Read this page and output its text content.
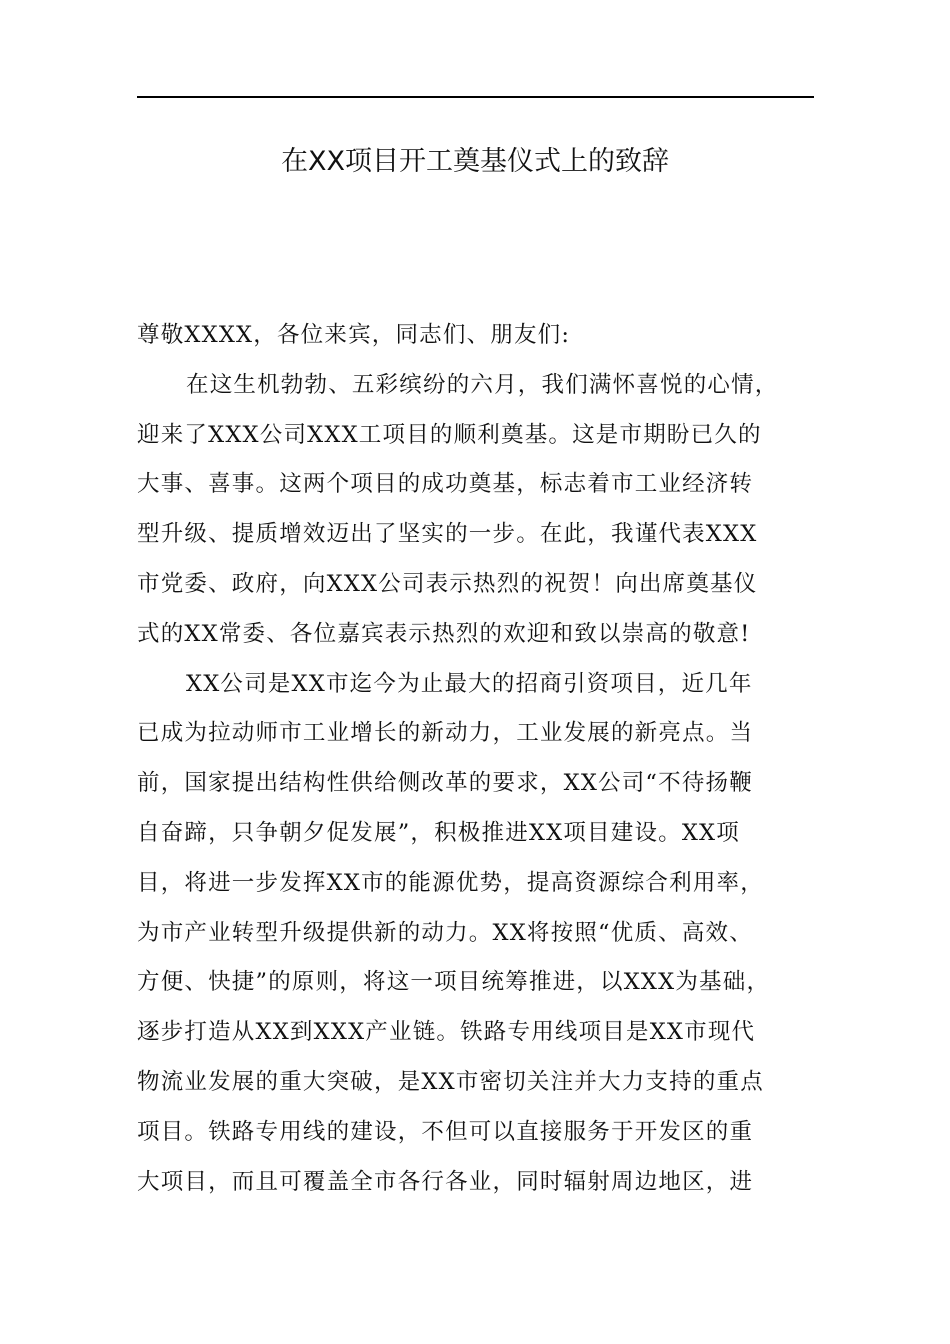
在XX项目开工奠基仪式上的致辞
尊敬XXXX，各位来宾，同志们、朋友们:
在这生机勃勃、五彩缤纷的六月，我们满怀喜悦的心情，
迎来了XXX公司XXX工项目的顺利奠基。这是市期盼已久的
大事、喜事。这两个项目的成功奠基，标志着市工业经济转
型升级、提质增效迈出了坚实的一步。在此，我谨代表XXX
市党委、政府，向XXX公司表示热烈的祝贺！向出席奠基仪
式的XX常委、各位嘉宾表示热烈的欢迎和致以崇高的敬意!
XX公司是XX市迄今为止最大的招商引资项目，近几年
已成为拉动师市工业增长的新动力，工业发展的新亮点。当
前，国家提出结构性供给侧改革的要求，XX公司“不待扬鞭
自奋蹄，只争朝夕促发展”，积极推进XX项目建设。XX项
目，将进一步发挥XX市的能源优势，提高资源综合利用率，
为市产业转型升级提供新的动力。XX将按照“优质、高效、
方便、快捷”的原则，将这一项目统筹推进，以XXX为基础，
逐步打造从XX到XXX产业链。铁路专用线项目是XX市现代
物流业发展的重大突破，是XX市密切关注并大力支持的重点
项目。铁路专用线的建设，不但可以直接服务于开发区的重
大项目，而且可覆盖全市各行各业，同时辐射周边地区，进
